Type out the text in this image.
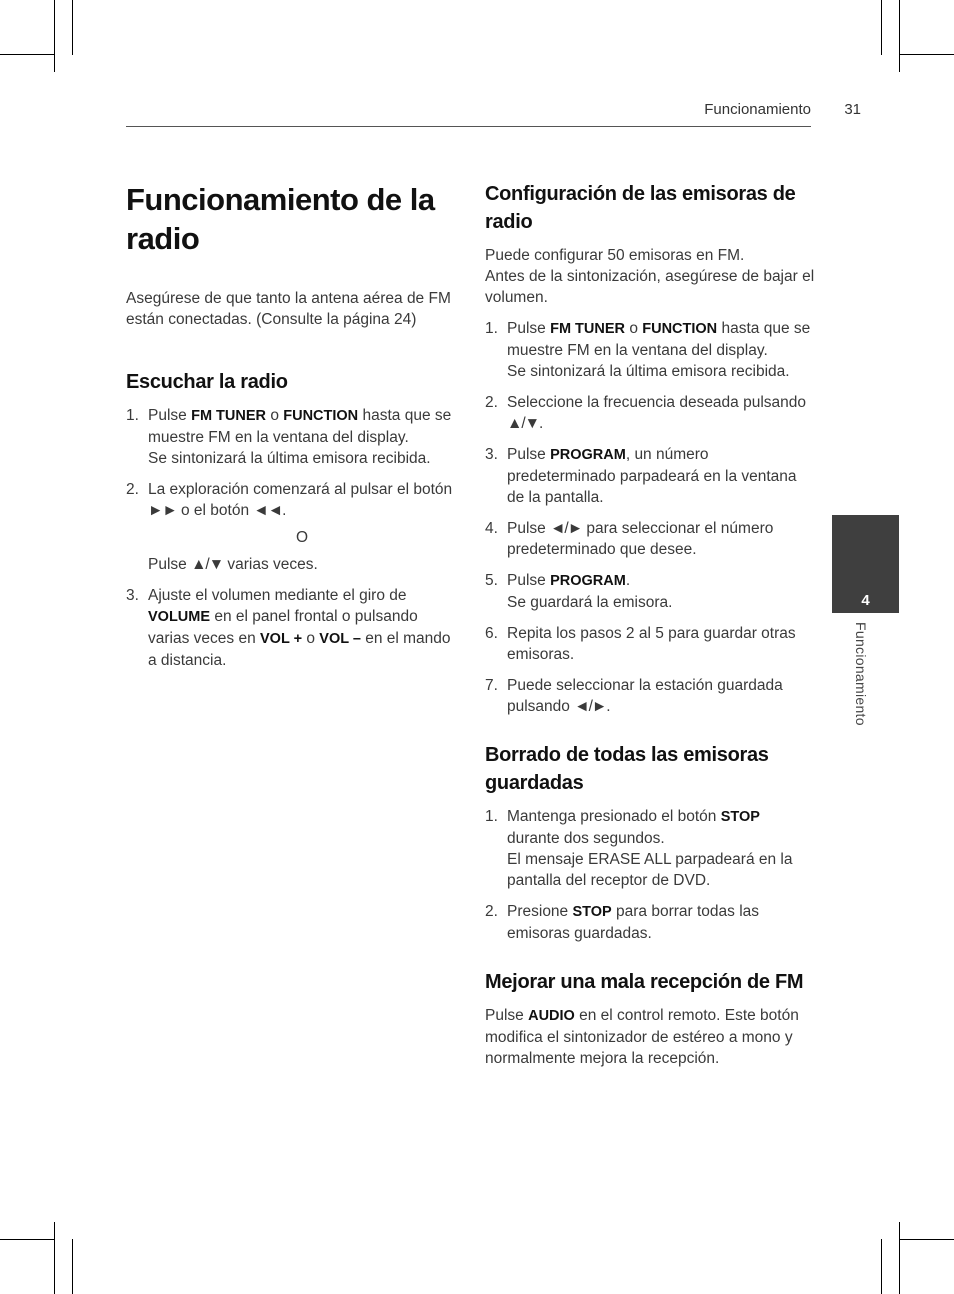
Funcionamiento 31
Funcionamiento de la radio

Asegúrese de que tanto la antena aérea de FM están conectadas. (Consulte la página 24)

Escuchar la radio
1. Pulse FM TUNER o FUNCTION hasta que se muestre FM en la ventana del display.
Se sintonizará la última emisora recibida.
2. La exploración comenzará al pulsar el botón ►► o el botón ◄◄.
O
Pulse ▲/▼ varias veces.
3. Ajuste el volumen mediante el giro de VOLUME en el panel frontal o pulsando varias veces en VOL + o VOL – en el mando a distancia.
Configuración de las emisoras de radio

Puede configurar 50 emisoras en FM.
Antes de la sintonización, asegúrese de bajar el volumen.

1. Pulse FM TUNER o FUNCTION hasta que se muestre FM en la ventana del display.
Se sintonizará la última emisora recibida.
2. Seleccione la frecuencia deseada pulsando ▲/▼.
3. Pulse PROGRAM, un número predeterminado parpadeará en la ventana de la pantalla.
4. Pulse ◄/► para seleccionar el número predeterminado que desee.
5. Pulse PROGRAM.
Se guardará la emisora.
6. Repita los pasos 2 al 5 para guardar otras emisoras.
7. Puede seleccionar la estación guardada pulsando ◄/►.
Borrado de todas las emisoras guardadas
1. Mantenga presionado el botón STOP durante dos segundos.
El mensaje ERASE ALL parpadeará en la pantalla del receptor de DVD.
2. Presione STOP para borrar todas las emisoras guardadas.
Mejorar una mala recepción de FM

Pulse AUDIO en el control remoto. Este botón modifica el sintonizador de estéreo a mono y normalmente mejora la recepción.

4
Funcionamiento
